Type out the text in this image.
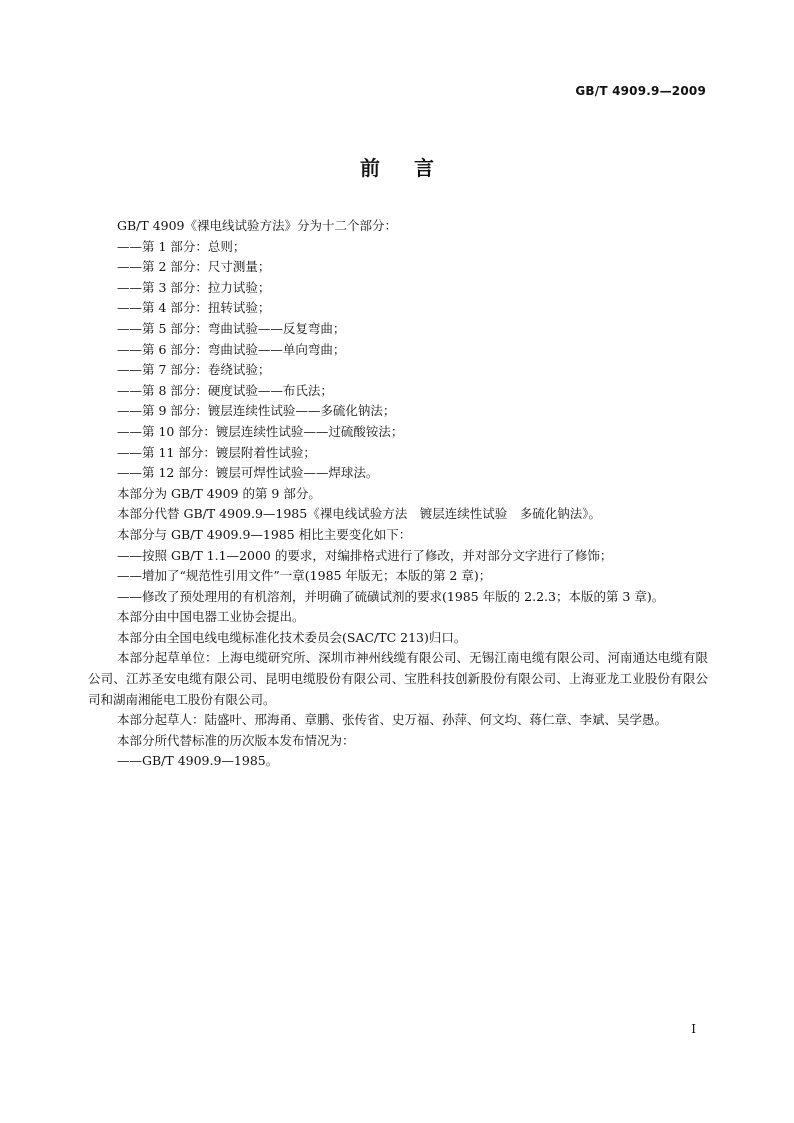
GB/T 4909.9—2009
前言

GB/T 4909《裸电线试验方法》分为十二个部分：

——第 1 部分：总则；

——第 2 部分：尺寸测量；

——第 3 部分：拉力试验；

——第 4 部分：扭转试验；

——第 5 部分：弯曲试验——反复弯曲；

——第 6 部分：弯曲试验——单向弯曲；

——第 7 部分：卷绕试验；

——第 8 部分：硬度试验——布氏法；

——第 9 部分：镀层连续性试验——多硫化钠法；

——第 10 部分：镀层连续性试验——过硫酸铵法；

——第 11 部分：镀层附着性试验；

——第 12 部分：镀层可焊性试验——焊球法。

本部分为 GB/T 4909 的第 9 部分。

本部分代替 GB/T 4909.9—1985《裸电线试验方法　镀层连续性试验　多硫化钠法》。

本部分与 GB/T 4909.9—1985 相比主要变化如下：

——按照 GB/T 1.1—2000 的要求，对编排格式进行了修改，并对部分文字进行了修饰；

——增加了“规范性引用文件”一章(1985 年版无；本版的第 2 章)；

——修改了预处理用的有机溶剂，并明确了硫磺试剂的要求(1985 年版的 2.2.3；本版的第 3 章)。

本部分由中国电器工业协会提出。

本部分由全国电线电缆标准化技术委员会(SAC/TC 213)归口。

本部分起草单位：上海电缆研究所、深圳市神州线缆有限公司、无锡江南电缆有限公司、河南通达电缆有限公司、江苏圣安电缆有限公司、昆明电缆股份有限公司、宝胜科技创新股份有限公司、上海亚龙工业股份有限公司和湖南湘能电工股份有限公司。

本部分起草人：陆盛叶、邢海甬、章鹏、张传省、史万福、孙萍、何文均、蒋仁章、李斌、吴学愚。

本部分所代替标准的历次版本发布情况为：

——GB/T 4909.9—1985。

I
